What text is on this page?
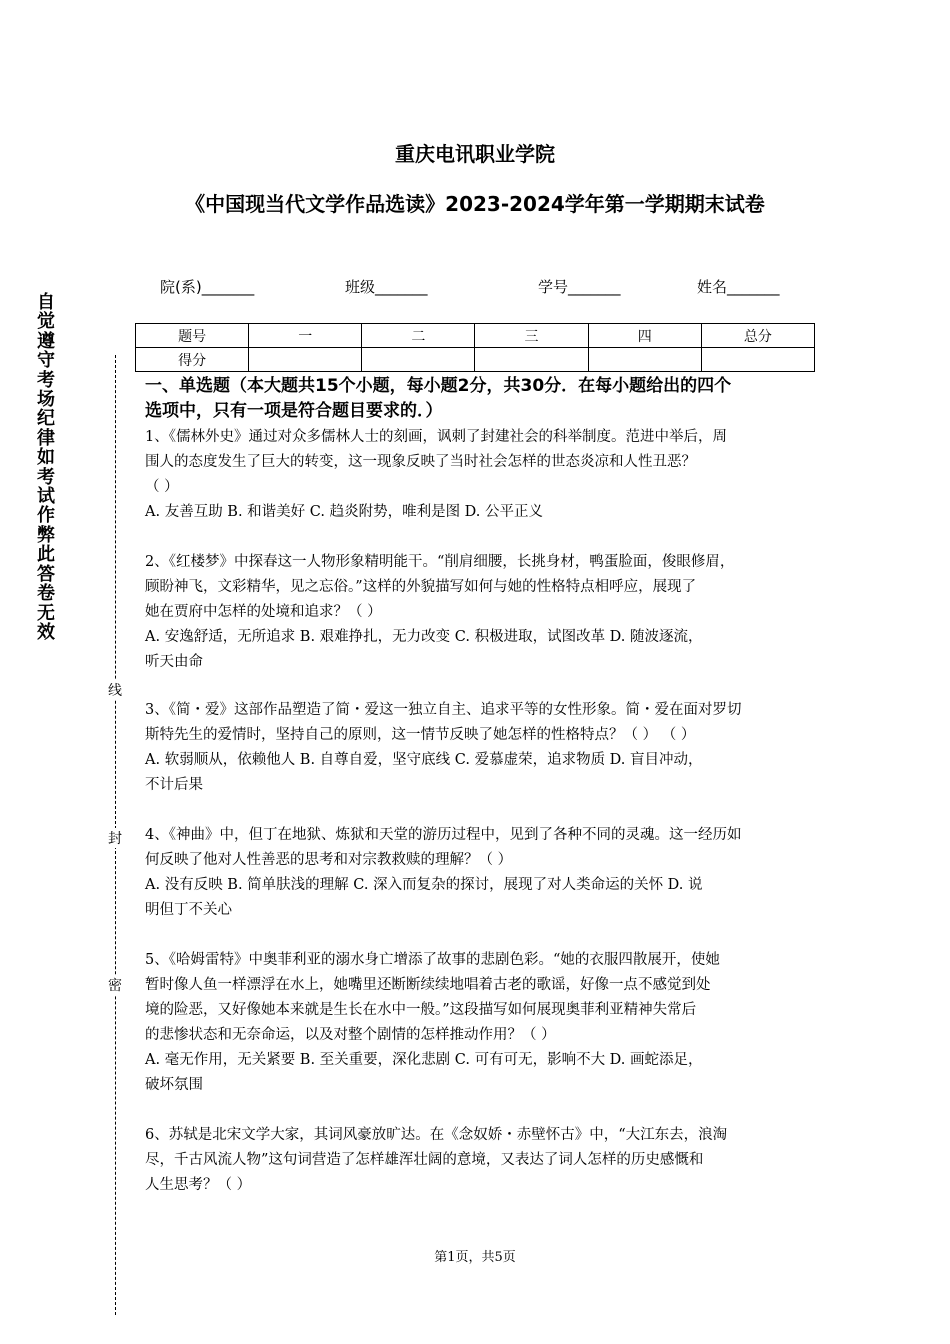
重庆电讯职业学院
《中国现当代文学作品选读》2023-2024学年第一学期期末试卷
院(系)_______	班级_______	学号_______	姓名_______
题号	一	二	三	四	总分
得分					
自觉遵守考场纪律如考试作弊此答卷无效
线
封
密
一、单选题（本大题共15个小题，每小题2分，共30分．在每小题给出的四个
选项中，只有一项是符合题目要求的．）
1、《儒林外史》通过对众多儒林人士的刻画，讽刺了封建社会的科举制度。范进中举后，周
围人的态度发生了巨大的转变，这一现象反映了当时社会怎样的世态炎凉和人性丑恶？
（ ）
A. 友善互助 B. 和谐美好 C. 趋炎附势，唯利是图 D. 公平正义
2、《红楼梦》中探春这一人物形象精明能干。“削肩细腰，长挑身材，鸭蛋脸面，俊眼修眉，
顾盼神飞，文彩精华，见之忘俗。”这样的外貌描写如何与她的性格特点相呼应，展现了
她在贾府中怎样的处境和追求？（ ）
A. 安逸舒适，无所追求 B. 艰难挣扎，无力改变 C. 积极进取，试图改革 D. 随波逐流，
听天由命
3、《简・爱》这部作品塑造了简・爱这一独立自主、追求平等的女性形象。简・爱在面对罗切
斯特先生的爱情时，坚持自己的原则，这一情节反映了她怎样的性格特点？（ ） （ ）
A. 软弱顺从，依赖他人 B. 自尊自爱，坚守底线 C. 爱慕虚荣，追求物质 D. 盲目冲动，
不计后果
4、《神曲》中，但丁在地狱、炼狱和天堂的游历过程中，见到了各种不同的灵魂。这一经历如
何反映了他对人性善恶的思考和对宗教救赎的理解？（ ）
A. 没有反映 B. 简单肤浅的理解 C. 深入而复杂的探讨，展现了对人类命运的关怀 D. 说
明但丁不关心
5、《哈姆雷特》中奥菲利亚的溺水身亡增添了故事的悲剧色彩。“她的衣服四散展开，使她
暂时像人鱼一样漂浮在水上，她嘴里还断断续续地唱着古老的歌谣，好像一点不感觉到处
境的险恶，又好像她本来就是生长在水中一般。”这段描写如何展现奥菲利亚精神失常后
的悲惨状态和无奈命运，以及对整个剧情的怎样推动作用？（ ）
A. 毫无作用，无关紧要 B. 至关重要，深化悲剧 C. 可有可无，影响不大 D. 画蛇添足，
破坏氛围
6、苏轼是北宋文学大家，其词风豪放旷达。在《念奴娇・赤壁怀古》中，“大江东去，浪淘
尽，千古风流人物”这句词营造了怎样雄浑壮阔的意境，又表达了词人怎样的历史感慨和
人生思考？（ ）
第1页，共5页
